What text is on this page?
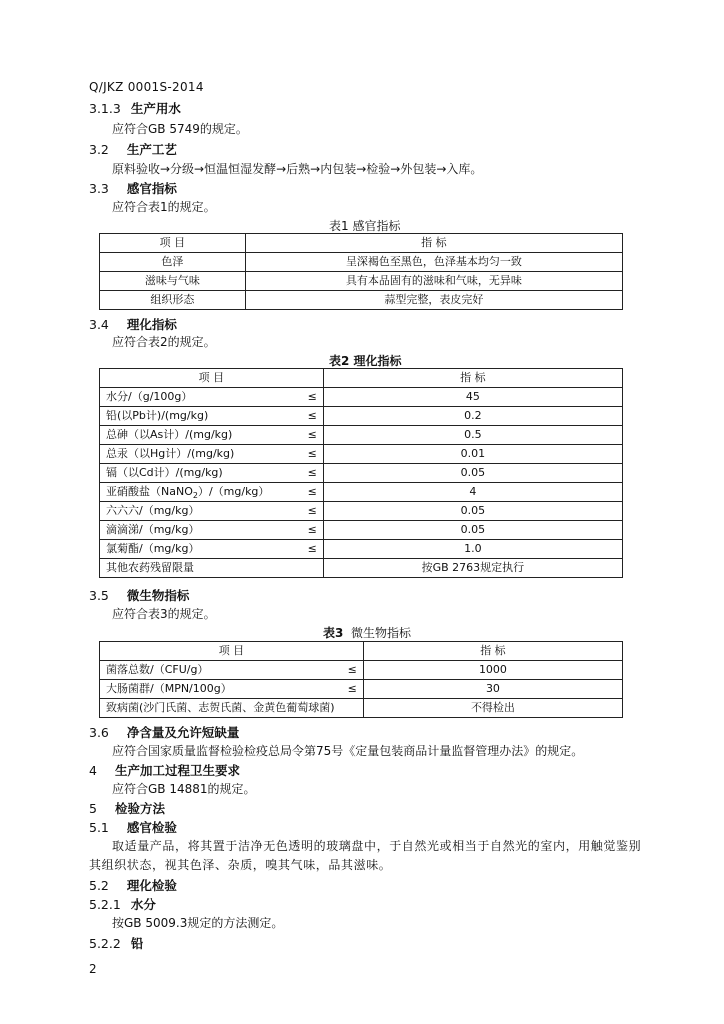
Q/JKZ 0001S-2014
3.1.3 生产用水
应符合GB 5749的规定。
3.2 生产工艺
原料验收→分级→恒温恒湿发酵→后熟→内包装→检验→外包装→入库。
3.3 感官指标
应符合表1的规定。
表1 感官指标
项 目	指 标
色泽	呈深褐色至黑色，色泽基本均匀一致
滋味与气味	具有本品固有的滋味和气味，无异味
组织形态	蒜型完整，表皮完好
3.4 理化指标
应符合表2的规定。
表2 理化指标
项 目	指 标
水分/（g/100g） ≤	45
铅(以Pb计)/(mg/kg) ≤	0.2
总砷（以As计）/(mg/kg) ≤	0.5
总汞（以Hg计）/(mg/kg) ≤	0.01
镉（以Cd计）/(mg/kg) ≤	0.05
亚硝酸盐（NaNO$_2$）/（mg/kg） ≤	4
六六六/（mg/kg） ≤	0.05
滴滴涕/（mg/kg） ≤	0.05
氯菊酯/（mg/kg） ≤	1.0
其他农药残留限量	按GB 2763规定执行
3.5 微生物指标
应符合表3的规定。
表3 微生物指标
项 目	指 标
菌落总数/（CFU/g） ≤	1000
大肠菌群/（MPN/100g） ≤	30
致病菌(沙门氏菌、志贺氏菌、金黄色葡萄球菌)	不得检出
3.6 净含量及允许短缺量
应符合国家质量监督检验检疫总局令第75号《定量包装商品计量监督管理办法》的规定。
4 生产加工过程卫生要求
应符合GB 14881的规定。
5 检验方法
5.1 感官检验
取适量产品，将其置于洁净无色透明的玻璃盘中，于自然光或相当于自然光的室内，用触觉鉴别
其组织状态，视其色泽、杂质，嗅其气味，品其滋味。
5.2 理化检验
5.2.1 水分
按GB 5009.3规定的方法测定。
5.2.2 铅
2
